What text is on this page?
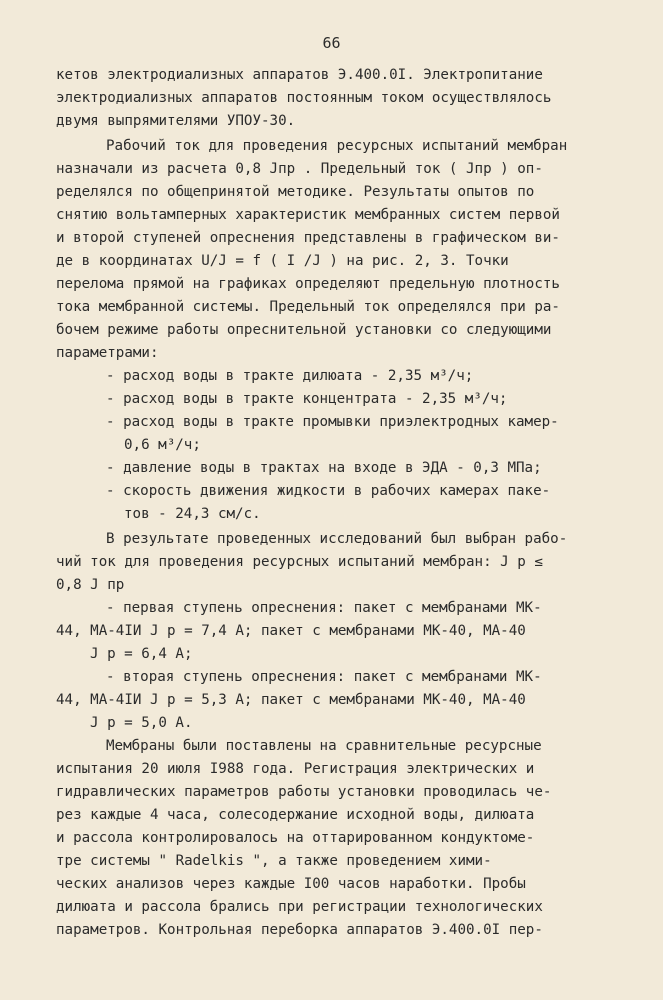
66
кетов электродиализных аппаратов Э.400.0I. Электропитание
электродиализных аппаратов постоянным током осуществлялось
двумя выпрямителями УПОУ-30.
Рабочий ток для проведения ресурсных испытаний мембран
назначали из расчета 0,8 Jпр . Предельный ток ( Jпр ) оп-
ределялся по общепринятой методике. Результаты опытов по
снятию вольтамперных характеристик мембранных систем первой
и второй ступеней опреснения представлены в графическом ви-
де в координатах U/J = f ( I /J ) на рис. 2, 3. Точки
перелома прямой на графиках определяют предельную плотность
тока мембранной системы. Предельный ток определялся при ра-
бочем режиме работы опреснительной установки со следующими
параметрами:
- расход воды в тракте дилюата - 2,35 м³/ч;
- расход воды в тракте концентрата - 2,35 м³/ч;
- расход воды в тракте промывки приэлектродных камер-
0,6 м³/ч;
- давление воды в трактах на входе в ЭДА - 0,3 МПа;
- скорость движения жидкости в рабочих камерах паке-
тов - 24,3 см/с.
В результате проведенных исследований был выбран рабо-
чий ток для проведения ресурсных испытаний мембран: J р ≤
0,8 J пр
- первая ступень опреснения: пакет с мембранами МК-
44, МА-4IИ J р = 7,4 А; пакет с мембранами МК-40, МА-40
J р = 6,4 А;
- вторая ступень опреснения: пакет с мембранами МК-
44, МА-4IИ J р = 5,3 А; пакет с мембранами МК-40, МА-40
J р = 5,0 А.
Мембраны были поставлены на сравнительные ресурсные
испытания 20 июля I988 года. Регистрация электрических и
гидравлических параметров работы установки проводилась че-
рез каждые 4 часа, солесодержание исходной воды, дилюата
и рассола контролировалось на оттарированном кондуктоме-
тре системы " Radelkis ", а также проведением хими-
ческих анализов через каждые I00 часов наработки. Пробы
дилюата и рассола брались при регистрации технологических
параметров. Контрольная переборка аппаратов Э.400.0I пер-
